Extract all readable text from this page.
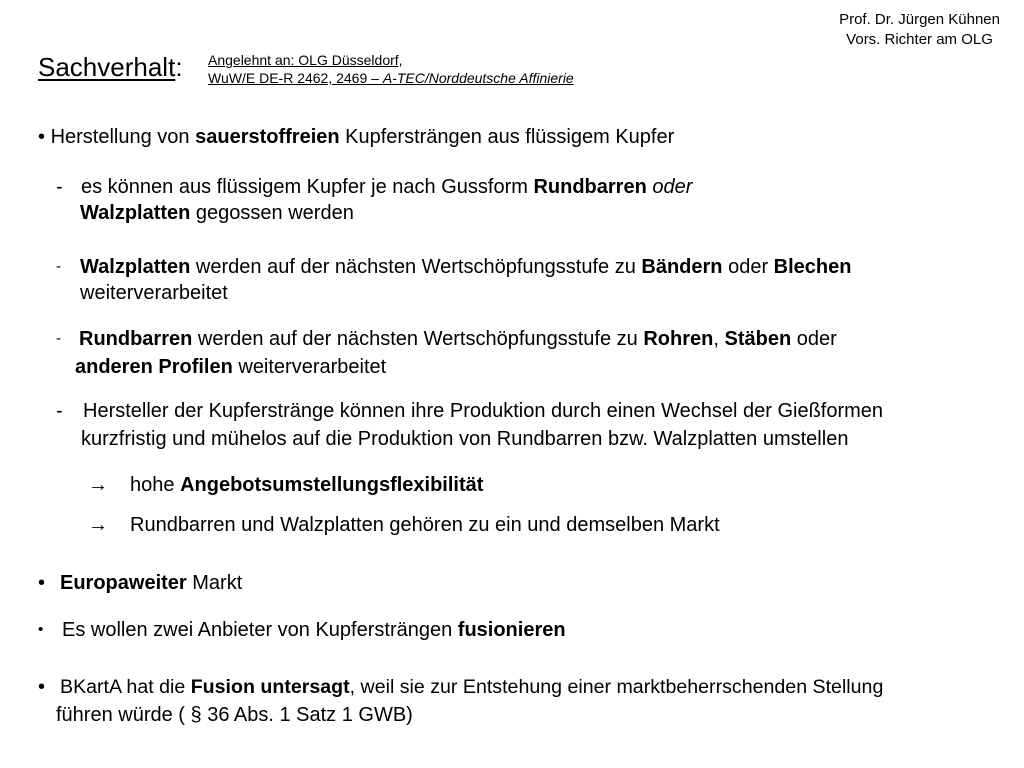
Prof. Dr. Jürgen Kühnen
Vors. Richter am OLG
Sachverhalt: Angelehnt an: OLG Düsseldorf,
WuW/E DE-R 2462, 2469 – A-TEC/Norddeutsche Affinierie
• Herstellung von sauerstoffreien Kupfersträngen aus flüssigem Kupfer
- es können aus flüssigem Kupfer je nach Gussform Rundbarren oder
Walzplatten gegossen werden
- Walzplatten werden auf der nächsten Wertschöpfungsstufe zu Bändern oder Blechen
weiterverarbeitet
- Rundbarren werden auf der nächsten Wertschöpfungsstufe zu Rohren, Stäben oder
anderen Profilen weiterverarbeitet
- Hersteller der Kupferstränge können ihre Produktion durch einen Wechsel der Gießformen
kurzfristig und mühelos auf die Produktion von Rundbarren bzw. Walzplatten umstellen
→ hohe Angebotsumstellungsflexibilität
→ Rundbarren und Walzplatten gehören zu ein und demselben Markt
• Europaweiter Markt
• Es wollen zwei Anbieter von Kupfersträngen fusionieren
• BKartA hat die Fusion untersagt, weil sie zur Entstehung einer marktbeherrschenden Stellung
führen würde ( § 36 Abs. 1 Satz 1 GWB)
